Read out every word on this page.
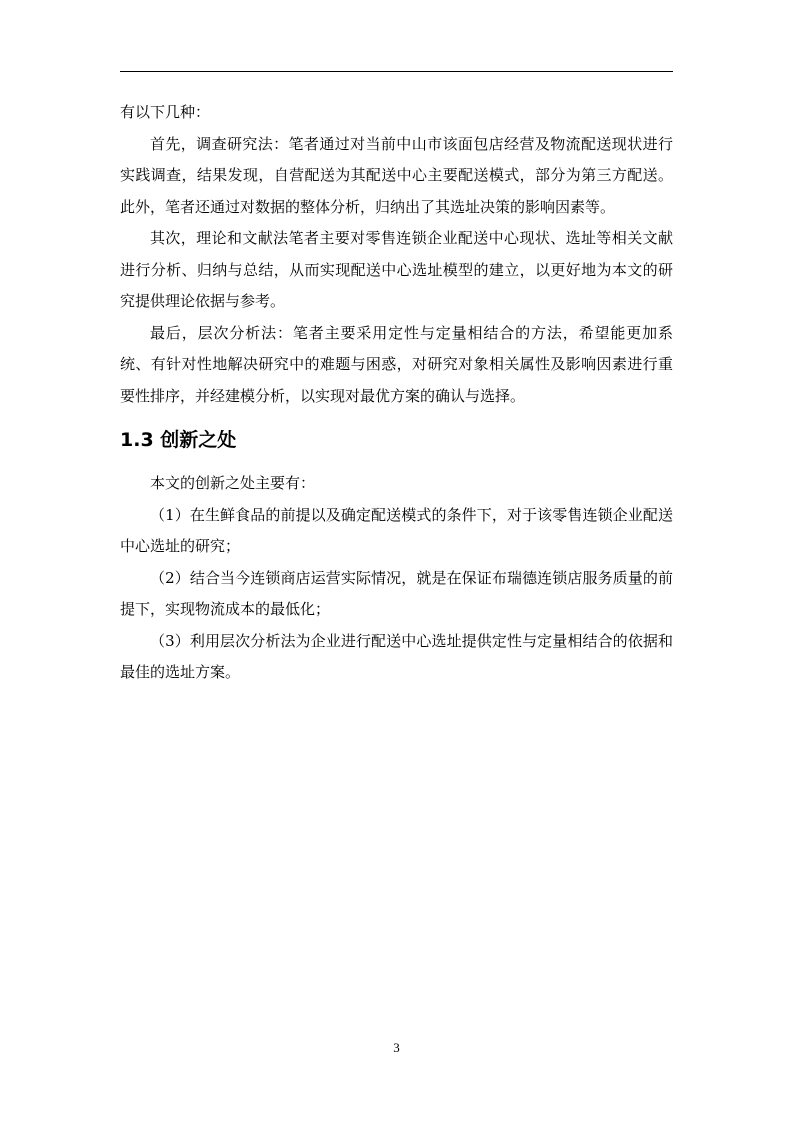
有以下几种：

首先，调查研究法：笔者通过对当前中山市该面包店经营及物流配送现状进行实践调查，结果发现，自营配送为其配送中心主要配送模式，部分为第三方配送。此外，笔者还通过对数据的整体分析，归纳出了其选址决策的影响因素等。

其次，理论和文献法笔者主要对零售连锁企业配送中心现状、选址等相关文献进行分析、归纳与总结，从而实现配送中心选址模型的建立，以更好地为本文的研究提供理论依据与参考。

最后，层次分析法：笔者主要采用定性与定量相结合的方法，希望能更加系统、有针对性地解决研究中的难题与困惑，对研究对象相关属性及影响因素进行重要性排序，并经建模分析，以实现对最优方案的确认与选择。

1.3 创新之处

本文的创新之处主要有：

（1）在生鲜食品的前提以及确定配送模式的条件下，对于该零售连锁企业配送中心选址的研究；

（2）结合当今连锁商店运营实际情况，就是在保证布瑞德连锁店服务质量的前提下，实现物流成本的最低化；

（3）利用层次分析法为企业进行配送中心选址提供定性与定量相结合的依据和最佳的选址方案。

3
